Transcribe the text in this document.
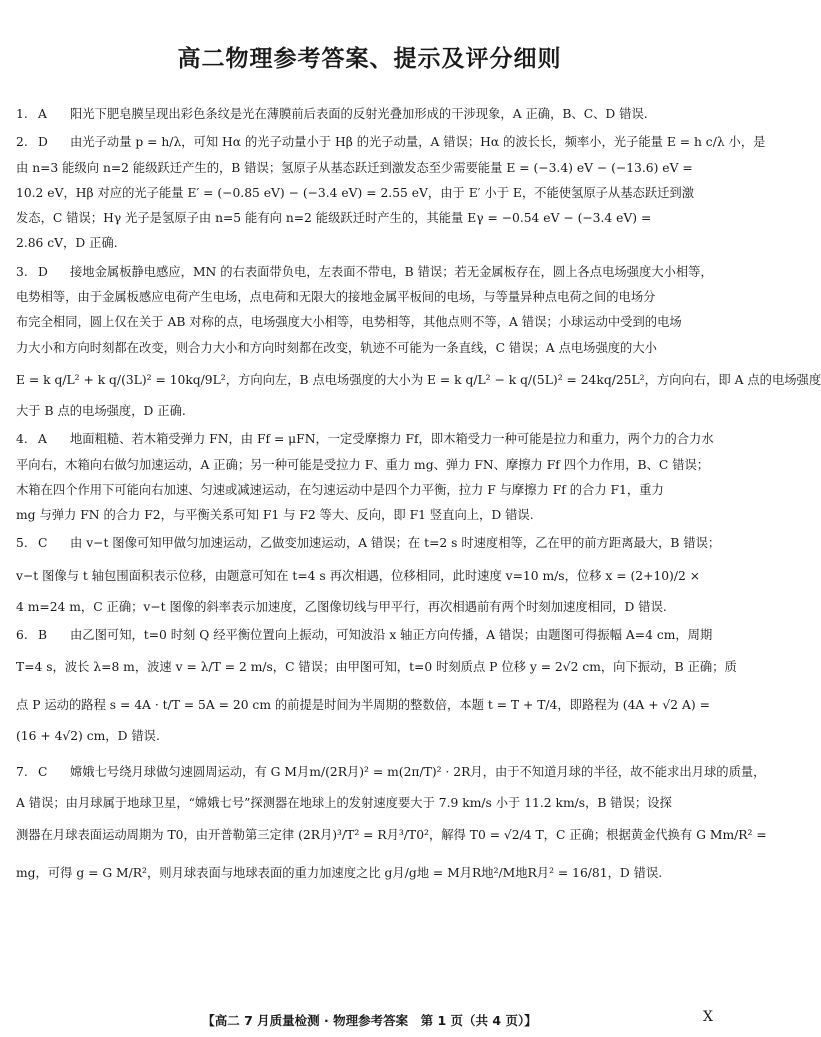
高二物理参考答案、提示及评分细则
1. A 阳光下肥皂膜呈现出彩色条纹是光在薄膜前后表面的反射光叠加形成的干涉现象，A 正确，B、C、D 错误.
2. D 由光子动量 p = h/λ，可知 Hα 的光子动量小于 Hβ 的光子动量，A 错误；Hα 的波长长，频率小，光子能量 E = h c/λ 小，是
由 n=3 能级向 n=2 能级跃迁产生的，B 错误；氢原子从基态跃迁到激发态至少需要能量 E = (−3.4) eV − (−13.6) eV =
10.2 eV，Hβ 对应的光子能量 E′ = (−0.85 eV) − (−3.4 eV) = 2.55 eV，由于 E′ 小于 E，不能使氢原子从基态跃迁到激
发态，C 错误；Hγ 光子是氢原子由 n=5 能有向 n=2 能级跃迁时产生的，其能量 Eγ = −0.54 eV − (−3.4 eV) =
2.86 cV，D 正确.
3. D 接地金属板静电感应，MN 的右表面带负电，左表面不带电，B 错误；若无金属板存在，圆上各点电场强度大小相等，
电势相等，由于金属板感应电荷产生电场，点电荷和无限大的接地金属平板间的电场，与等量异种点电荷之间的电场分
布完全相同，圆上仅在关于 AB 对称的点，电场强度大小相等，电势相等，其他点则不等，A 错误；小球运动中受到的电场
力大小和方向时刻都在改变，则合力大小和方向时刻都在改变，轨迹不可能为一条直线，C 错误；A 点电场强度的大小
E = k q/L² + k q/(3L)² = 10kq/9L²，方向向左，B 点电场强度的大小为 E = k q/L² − k q/(5L)² = 24kq/25L²，方向向右，即 A 点的电场强度
大于 B 点的电场强度，D 正确.
4. A 地面粗糙、若木箱受弹力 FN，由 Ff = μFN，一定受摩擦力 Ff，即木箱受力一种可能是拉力和重力，两个力的合力水
平向右，木箱向右做匀加速运动，A 正确；另一种可能是受拉力 F、重力 mg、弹力 FN、摩擦力 Ff 四个力作用，B、C 错误；
木箱在四个作用下可能向右加速、匀速或减速运动，在匀速运动中是四个力平衡，拉力 F 与摩擦力 Ff 的合力 F1，重力
mg 与弹力 FN 的合力 F2，与平衡关系可知 F1 与 F2 等大、反向，即 F1 竖直向上，D 错误.
5. C 由 v−t 图像可知甲做匀加速运动，乙做变加速运动，A 错误；在 t=2 s 时速度相等，乙在甲的前方距离最大，B 错误；
v−t 图像与 t 轴包围面积表示位移，由题意可知在 t=4 s 再次相遇，位移相同，此时速度 v=10 m/s，位移 x = (2+10)/2 ×
4 m=24 m，C 正确；v−t 图像的斜率表示加速度，乙图像切线与甲平行，再次相遇前有两个时刻加速度相同，D 错误.
6. B 由乙图可知，t=0 时刻 Q 经平衡位置向上振动，可知波沿 x 轴正方向传播，A 错误；由题图可得振幅 A=4 cm，周期
T=4 s，波长 λ=8 m，波速 v = λ/T = 2 m/s，C 错误；由甲图可知，t=0 时刻质点 P 位移 y = 2√2 cm，向下振动，B 正确；质
点 P 运动的路程 s = 4A · t/T = 5A = 20 cm 的前提是时间为半周期的整数倍，本题 t = T + T/4，即路程为 (4A + √2 A) =
(16 + 4√2) cm，D 错误.
7. C 嫦娥七号绕月球做匀速圆周运动，有 G M月m/(2R月)² = m(2π/T)² · 2R月，由于不知道月球的半径，故不能求出月球的质量，
A 错误；由月球属于地球卫星，“嫦娥七号”探测器在地球上的发射速度要大于 7.9 km/s 小于 11.2 km/s，B 错误；设探
测器在月球表面运动周期为 T0，由开普勒第三定律 (2R月)³/T² = R月³/T0²，解得 T0 = √2/4 T，C 正确；根据黄金代换有 G Mm/R² =
mg，可得 g = G M/R²，则月球表面与地球表面的重力加速度之比 g月/g地 = M月R地²/M地R月² = 16/81，D 错误.
【高二 7 月质量检测 · 物理参考答案　第 1 页（共 4 页）】	X
